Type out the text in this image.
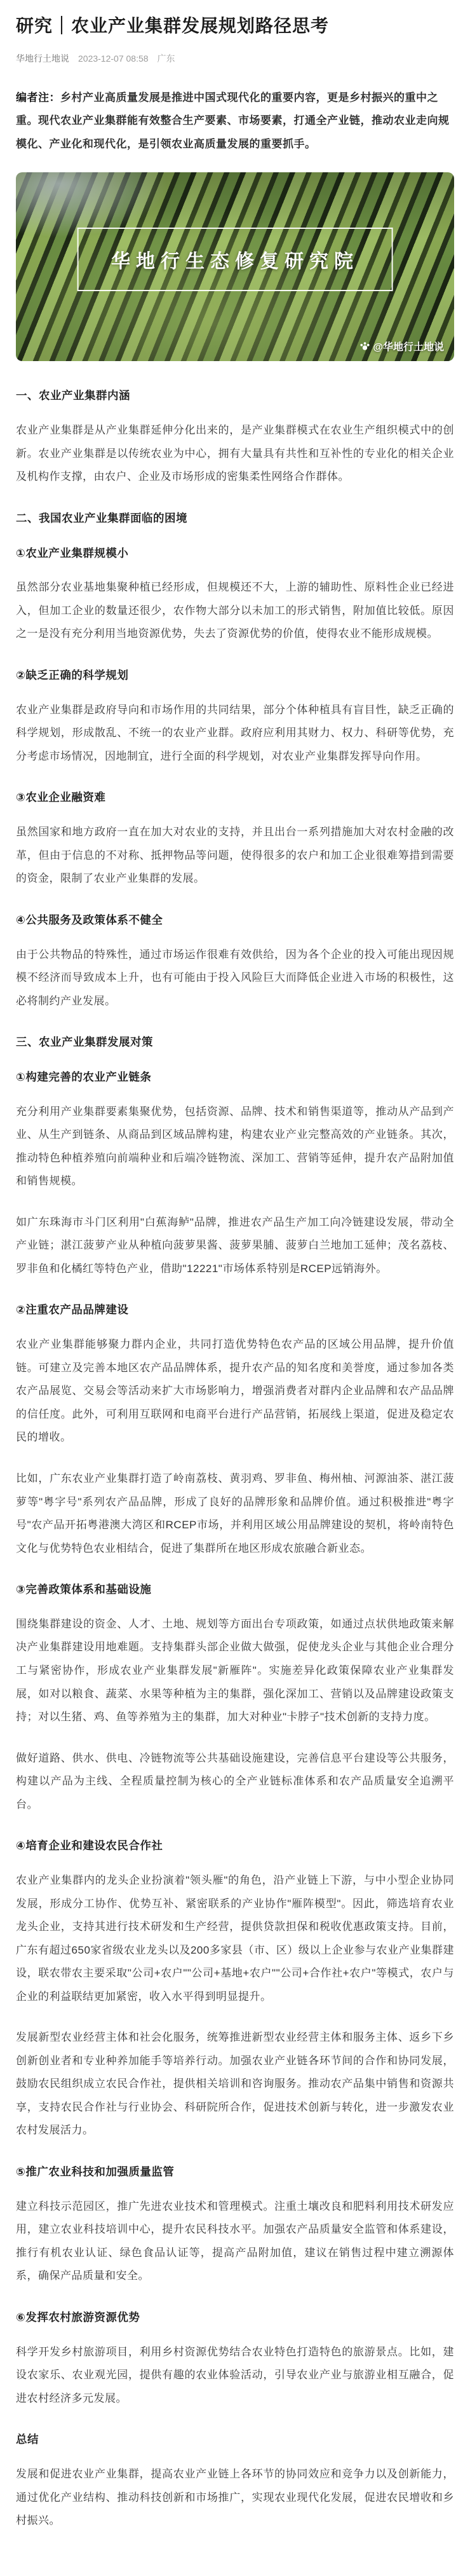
研究｜农业产业集群发展规划路径思考
华地行土地说 2023-12-07 08:58 广东

编者注：乡村产业高质量发展是推进中国式现代化的重要内容，更是乡村振兴的重中之重。现代农业产业集群能有效整合生产要素、市场要素，打通全产业链，推动农业走向规模化、产业化和现代化，是引领农业高质量发展的重要抓手。

华地行生态修复研究院
@华地行土地说
一、农业产业集群内涵

农业产业集群是从产业集群延伸分化出来的，是产业集群模式在农业生产组织模式中的创新。农业产业集群是以传统农业为中心，拥有大量具有共性和互补性的专业化的相关企业及机构作支撑，由农户、企业及市场形成的密集柔性网络合作群体。

二、我国农业产业集群面临的困境
①农业产业集群规模小

虽然部分农业基地集聚种植已经形成，但规模还不大，上游的辅助性、原料性企业已经进入，但加工企业的数量还很少，农作物大部分以未加工的形式销售，附加值比较低。原因之一是没有充分利用当地资源优势，失去了资源优势的价值，使得农业不能形成规模。

②缺乏正确的科学规划

农业产业集群是政府导向和市场作用的共同结果，部分个体种植具有盲目性，缺乏正确的科学规划，形成散乱、不统一的农业产业群。政府应利用其财力、权力、科研等优势，充分考虑市场情况，因地制宜，进行全面的科学规划，对农业产业集群发挥导向作用。

③农业企业融资难

虽然国家和地方政府一直在加大对农业的支持，并且出台一系列措施加大对农村金融的改革，但由于信息的不对称、抵押物品等问题，使得很多的农户和加工企业很难筹措到需要的资金，限制了农业产业集群的发展。

④公共服务及政策体系不健全

由于公共物品的特殊性，通过市场运作很难有效供给，因为各个企业的投入可能出现因规模不经济而导致成本上升，也有可能由于投入风险巨大而降低企业进入市场的积极性，这必将制约产业发展。

三、农业产业集群发展对策
①构建完善的农业产业链条

充分利用产业集群要素集聚优势，包括资源、品牌、技术和销售渠道等，推动从产品到产业、从生产到链条、从商品到区域品牌构建，构建农业产业完整高效的产业链条。其次，推动特色种植养殖向前端种业和后端冷链物流、深加工、营销等延伸，提升农产品附加值和销售规模。

如广东珠海市斗门区利用"白蕉海鲈"品牌，推进农产品生产加工向冷链建设发展，带动全产业链；湛江菠萝产业从种植向菠萝果酱、菠萝果脯、菠萝白兰地加工延伸；茂名荔枝、罗非鱼和化橘红等特色产业，借助"12221"市场体系特别是RCEP远销海外。

②注重农产品品牌建设

农业产业集群能够聚力群内企业，共同打造优势特色农产品的区域公用品牌，提升价值链。可建立及完善本地区农产品品牌体系，提升农产品的知名度和美誉度，通过参加各类农产品展览、交易会等活动来扩大市场影响力，增强消费者对群内企业品牌和农产品品牌的信任度。此外，可利用互联网和电商平台进行产品营销，拓展线上渠道，促进及稳定农民的增收。

比如，广东农业产业集群打造了岭南荔枝、黄羽鸡、罗非鱼、梅州柚、河源油茶、湛江菠萝等"粤字号"系列农产品品牌，形成了良好的品牌形象和品牌价值。通过积极推进"粤字号"农产品开拓粤港澳大湾区和RCEP市场，并利用区域公用品牌建设的契机，将岭南特色文化与优势特色农业相结合，促进了集群所在地区形成农旅融合新业态。

③完善政策体系和基础设施

围绕集群建设的资金、人才、土地、规划等方面出台专项政策，如通过点状供地政策来解决产业集群建设用地难题。支持集群头部企业做大做强，促使龙头企业与其他企业合理分工与紧密协作，形成农业产业集群发展"新雁阵"。实施差异化政策保障农业产业集群发展，如对以粮食、蔬菜、水果等种植为主的集群，强化深加工、营销以及品牌建设政策支持；对以生猪、鸡、鱼等养殖为主的集群，加大对种业"卡脖子"技术创新的支持力度。

做好道路、供水、供电、冷链物流等公共基础设施建设，完善信息平台建设等公共服务，构建以产品为主线、全程质量控制为核心的全产业链标准体系和农产品质量安全追溯平台。

④培育企业和建设农民合作社

农业产业集群内的龙头企业扮演着"领头雁"的角色，沿产业链上下游，与中小型企业协同发展，形成分工协作、优势互补、紧密联系的产业协作"雁阵模型"。因此，筛选培育农业龙头企业，支持其进行技术研发和生产经营，提供贷款担保和税收优惠政策支持。目前，广东有超过650家省级农业龙头以及200多家县（市、区）级以上企业参与农业产业集群建设，联农带农主要采取"公司+农户""公司+基地+农户""公司+合作社+农户"等模式，农户与企业的利益联结更加紧密，收入水平得到明显提升。

发展新型农业经营主体和社会化服务，统筹推进新型农业经营主体和服务主体、返乡下乡创新创业者和专业种养加能手等培养行动。加强农业产业链各环节间的合作和协同发展，鼓励农民组织成立农民合作社，提供相关培训和咨询服务。推动农产品集中销售和资源共享，支持农民合作社与行业协会、科研院所合作，促进技术创新与转化，进一步激发农业农村发展活力。

⑤推广农业科技和加强质量监管

建立科技示范园区，推广先进农业技术和管理模式。注重土壤改良和肥料利用技术研发应用，建立农业科技培训中心，提升农民科技水平。加强农产品质量安全监管和体系建设，推行有机农业认证、绿色食品认证等，提高产品附加值，建议在销售过程中建立溯源体系，确保产品质量和安全。

⑥发挥农村旅游资源优势

科学开发乡村旅游项目，利用乡村资源优势结合农业特色打造特色的旅游景点。比如，建设农家乐、农业观光园，提供有趣的农业体验活动，引导农业产业与旅游业相互融合，促进农村经济多元发展。

总结

发展和促进农业产业集群，提高农业产业链上各环节的协同效应和竞争力以及创新能力，通过优化产业结构、推动科技创新和市场推广，实现农业现代化发展，促进农民增收和乡村振兴。
